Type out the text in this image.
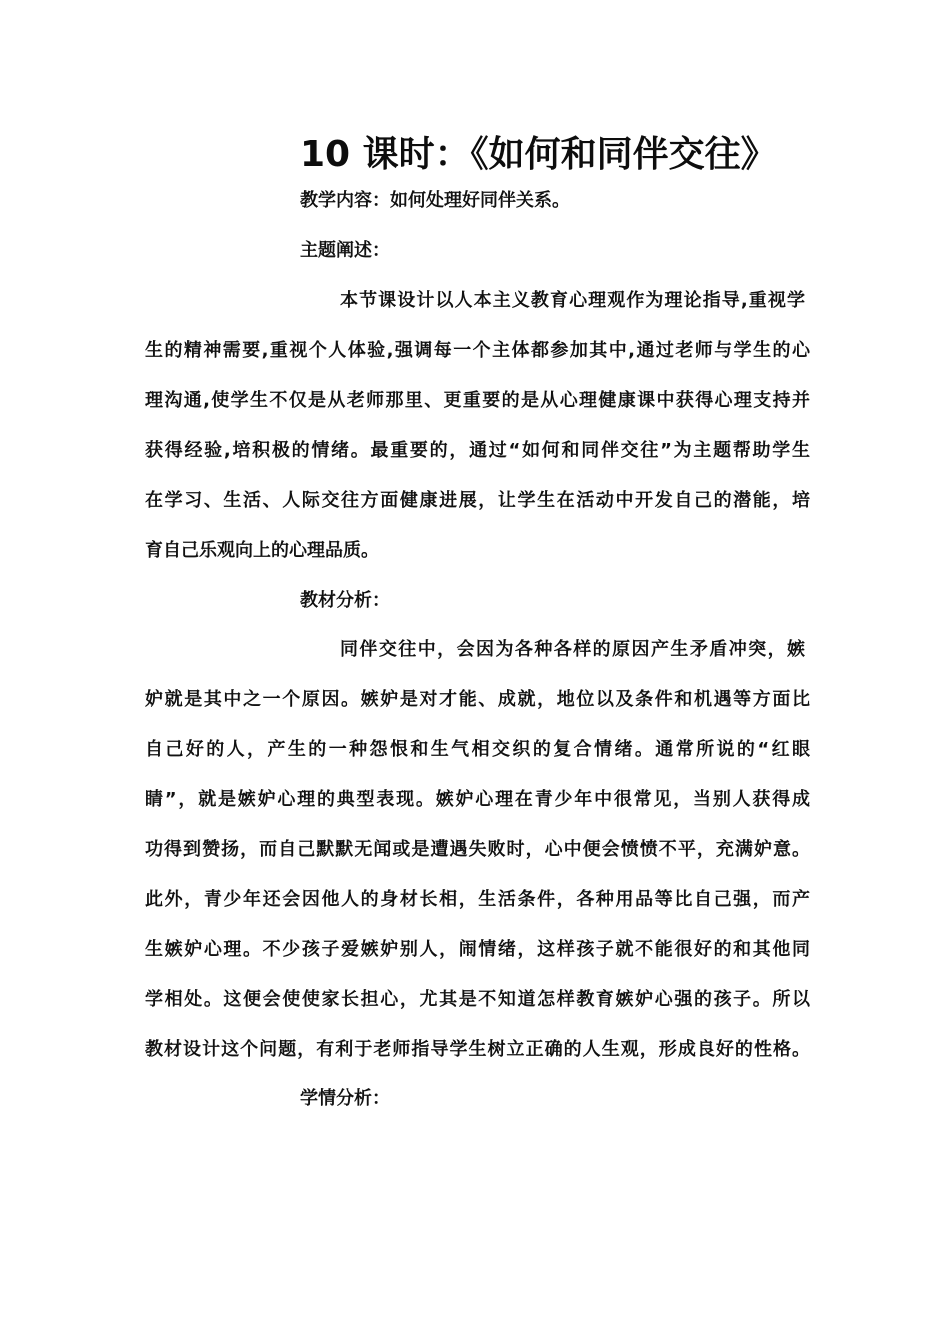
10 课时：《如何和同伴交往》
教学内容：如何处理好同伴关系。
主题阐述：
本节课设计以人本主义教育心理观作为理论指导,重视学
生的精神需要,重视个人体验,强调每一个主体都参加其中,通过老师与学生的心
理沟通,使学生不仅是从老师那里、更重要的是从心理健康课中获得心理支持并
获得经验,培积极的情绪。最重要的，通过“如何和同伴交往”为主题帮助学生
在学习、生活、人际交往方面健康进展，让学生在活动中开发自己的潜能，培
育自己乐观向上的心理品质。
教材分析：
同伴交往中，会因为各种各样的原因产生矛盾冲突，嫉
妒就是其中之一个原因。嫉妒是对才能、成就，地位以及条件和机遇等方面比
自己好的人，产生的一种怨恨和生气相交织的复合情绪。通常所说的“红眼
睛”，就是嫉妒心理的典型表现。嫉妒心理在青少年中很常见，当别人获得成
功得到赞扬，而自己默默无闻或是遭遇失败时，心中便会愤愤不平，充满妒意。
此外，青少年还会因他人的身材长相，生活条件，各种用品等比自己强，而产
生嫉妒心理。不少孩子爱嫉妒别人，闹情绪，这样孩子就不能很好的和其他同
学相处。这便会使使家长担心，尤其是不知道怎样教育嫉妒心强的孩子。所以
教材设计这个问题，有利于老师指导学生树立正确的人生观，形成良好的性格。
学情分析：
